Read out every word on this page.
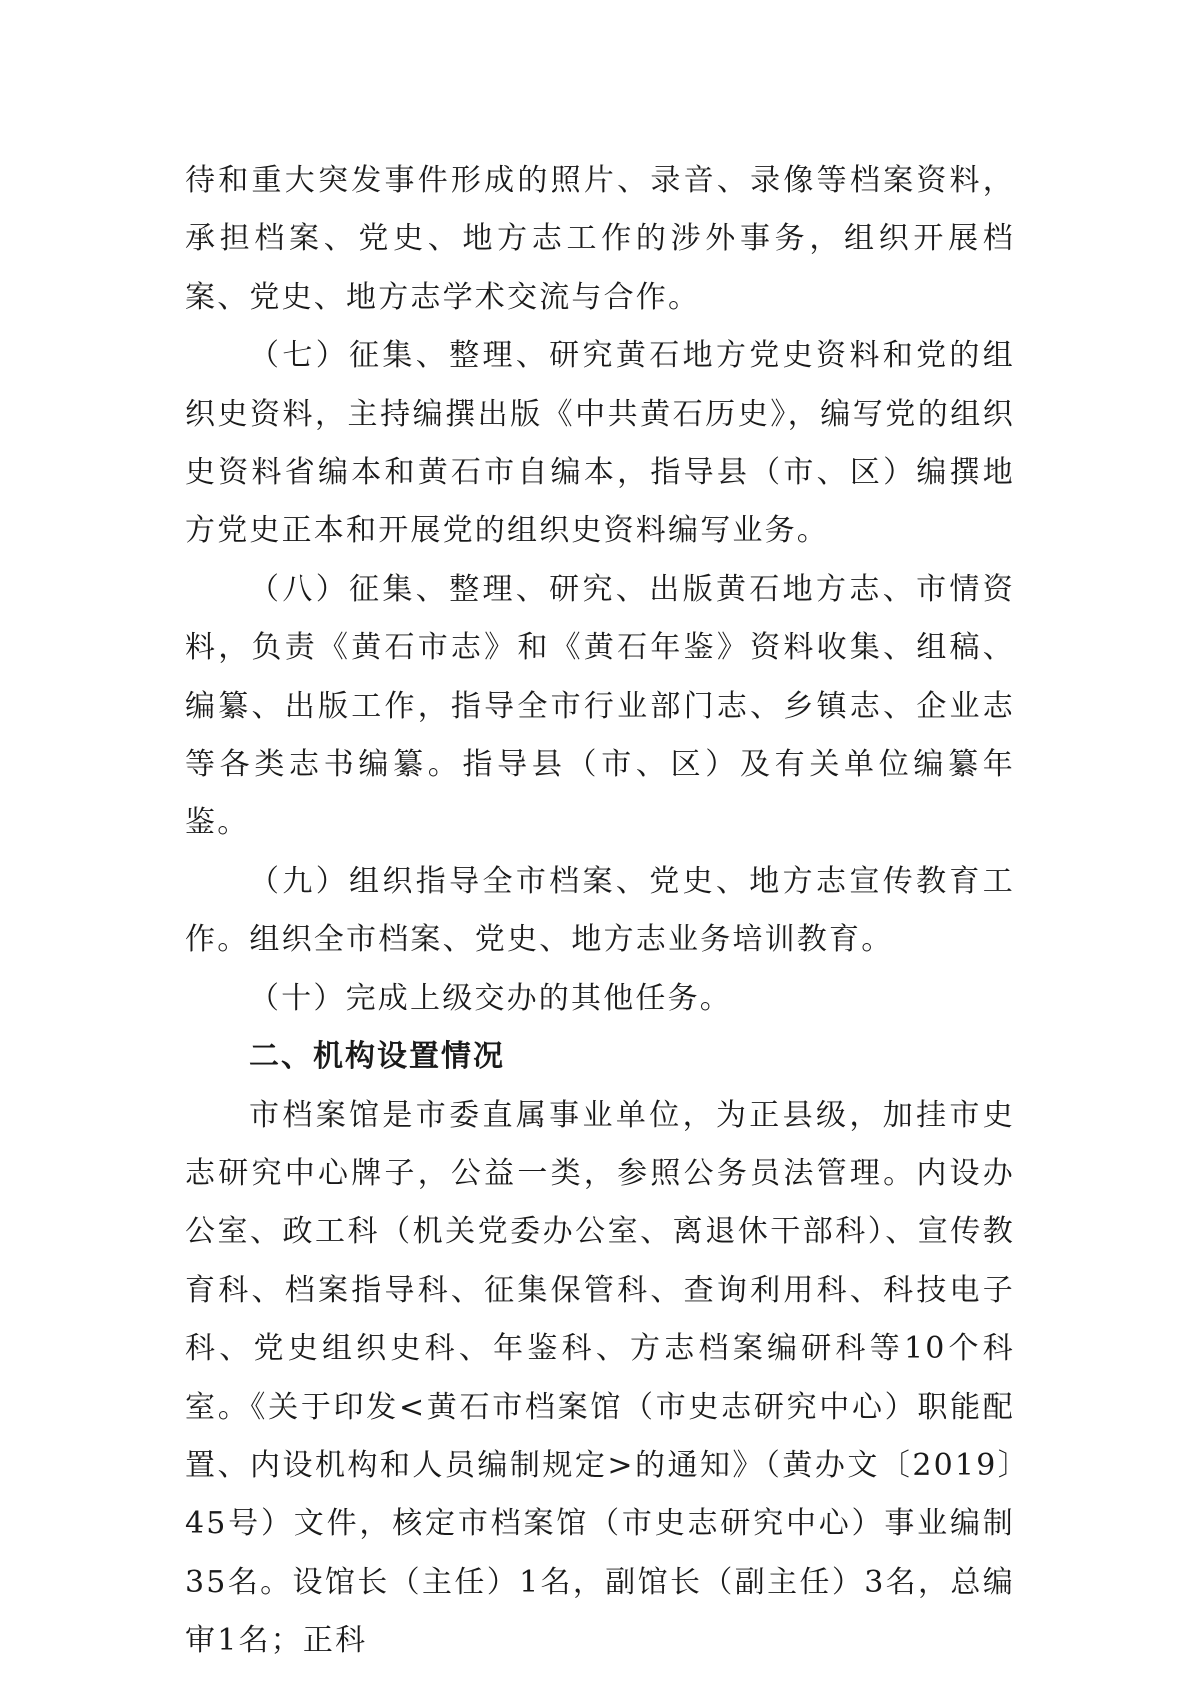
待和重大突发事件形成的照片、录音、录像等档案资料，承担档案、党史、地方志工作的涉外事务，组织开展档案、党史、地方志学术交流与合作。

（七）征集、整理、研究黄石地方党史资料和党的组织史资料，主持编撰出版《中共黄石历史》，编写党的组织史资料省编本和黄石市自编本，指导县（市、区）编撰地方党史正本和开展党的组织史资料编写业务。

（八）征集、整理、研究、出版黄石地方志、市情资料，负责《黄石市志》和《黄石年鉴》资料收集、组稿、编纂、出版工作，指导全市行业部门志、乡镇志、企业志等各类志书编纂。指导县（市、区）及有关单位编纂年鉴。

（九）组织指导全市档案、党史、地方志宣传教育工作。组织全市档案、党史、地方志业务培训教育。

（十）完成上级交办的其他任务。

二、机构设置情况

市档案馆是市委直属事业单位，为正县级，加挂市史志研究中心牌子，公益一类，参照公务员法管理。内设办公室、政工科（机关党委办公室、离退休干部科）、宣传教育科、档案指导科、征集保管科、查询利用科、科技电子科、党史组织史科、年鉴科、方志档案编研科等10个科室。《关于印发<黄石市档案馆（市史志研究中心）职能配置、内设机构和人员编制规定>的通知》（黄办文〔2019〕45号）文件，核定市档案馆（市史志研究中心）事业编制35名。设馆长（主任）1名，副馆长（副主任）3名，总编审1名；正科
